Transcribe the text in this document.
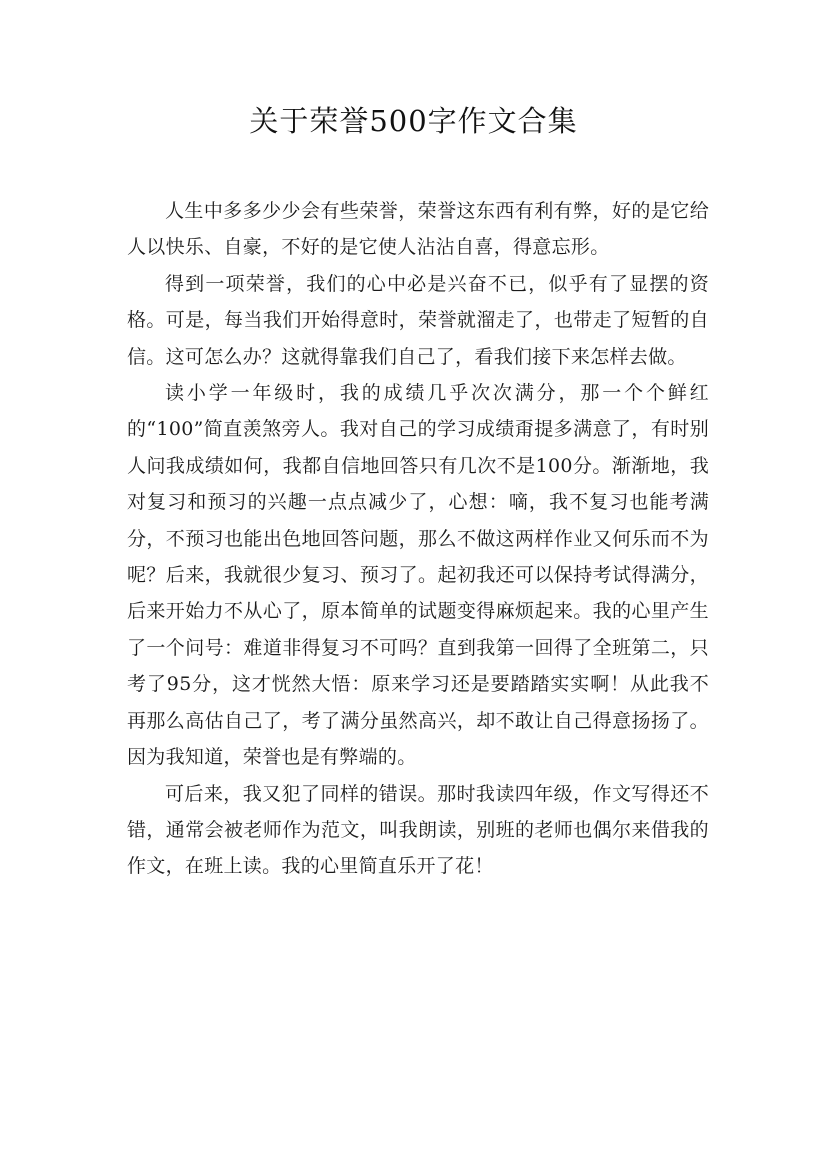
关于荣誉500字作文合集

人生中多多少少会有些荣誉，荣誉这东西有利有弊，好的是它给人以快乐、自豪，不好的是它使人沾沾自喜，得意忘形。

得到一项荣誉，我们的心中必是兴奋不已，似乎有了显摆的资格。可是，每当我们开始得意时，荣誉就溜走了，也带走了短暂的自信。这可怎么办？这就得靠我们自己了，看我们接下来怎样去做。

读小学一年级时，我的成绩几乎次次满分，那一个个鲜红的“100”简直羡煞旁人。我对自己的学习成绩甭提多满意了，有时别人问我成绩如何，我都自信地回答只有几次不是100分。渐渐地，我对复习和预习的兴趣一点点减少了，心想：嘀，我不复习也能考满分，不预习也能出色地回答问题，那么不做这两样作业又何乐而不为呢？后来，我就很少复习、预习了。起初我还可以保持考试得满分，后来开始力不从心了，原本简单的试题变得麻烦起来。我的心里产生了一个问号：难道非得复习不可吗？直到我第一回得了全班第二，只考了95分，这才恍然大悟：原来学习还是要踏踏实实啊！从此我不再那么高估自己了，考了满分虽然高兴，却不敢让自己得意扬扬了。因为我知道，荣誉也是有弊端的。

可后来，我又犯了同样的错误。那时我读四年级，作文写得还不错，通常会被老师作为范文，叫我朗读，别班的老师也偶尔来借我的作文，在班上读。我的心里简直乐开了花！
